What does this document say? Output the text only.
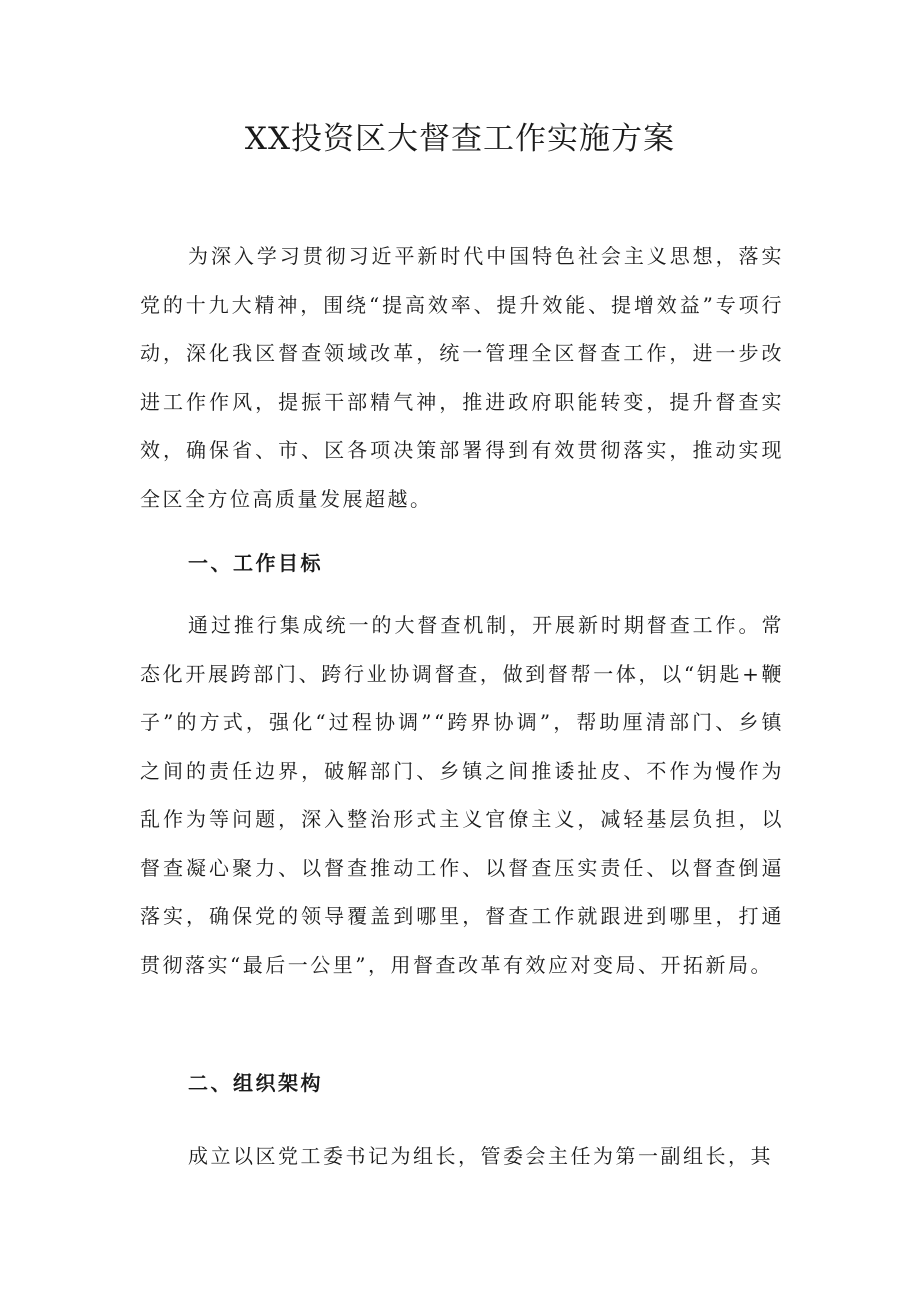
XX投资区大督查工作实施方案

为深入学习贯彻习近平新时代中国特色社会主义思想，落实党的十九大精神，围绕“提高效率、提升效能、提增效益”专项行动，深化我区督查领域改革，统一管理全区督查工作，进一步改进工作作风，提振干部精气神，推进政府职能转变，提升督查实效，确保省、市、区各项决策部署得到有效贯彻落实，推动实现全区全方位高质量发展超越。

一、工作目标

通过推行集成统一的大督查机制，开展新时期督查工作。常态化开展跨部门、跨行业协调督查，做到督帮一体，以“钥匙+鞭子”的方式，强化“过程协调”“跨界协调”，帮助厘清部门、乡镇之间的责任边界，破解部门、乡镇之间推诿扯皮、不作为慢作为乱作为等问题，深入整治形式主义官僚主义，减轻基层负担，以督查凝心聚力、以督查推动工作、以督查压实责任、以督查倒逼落实，确保党的领导覆盖到哪里，督查工作就跟进到哪里，打通贯彻落实“最后一公里”，用督查改革有效应对变局、开拓新局。

二、组织架构

成立以区党工委书记为组长，管委会主任为第一副组长，其
